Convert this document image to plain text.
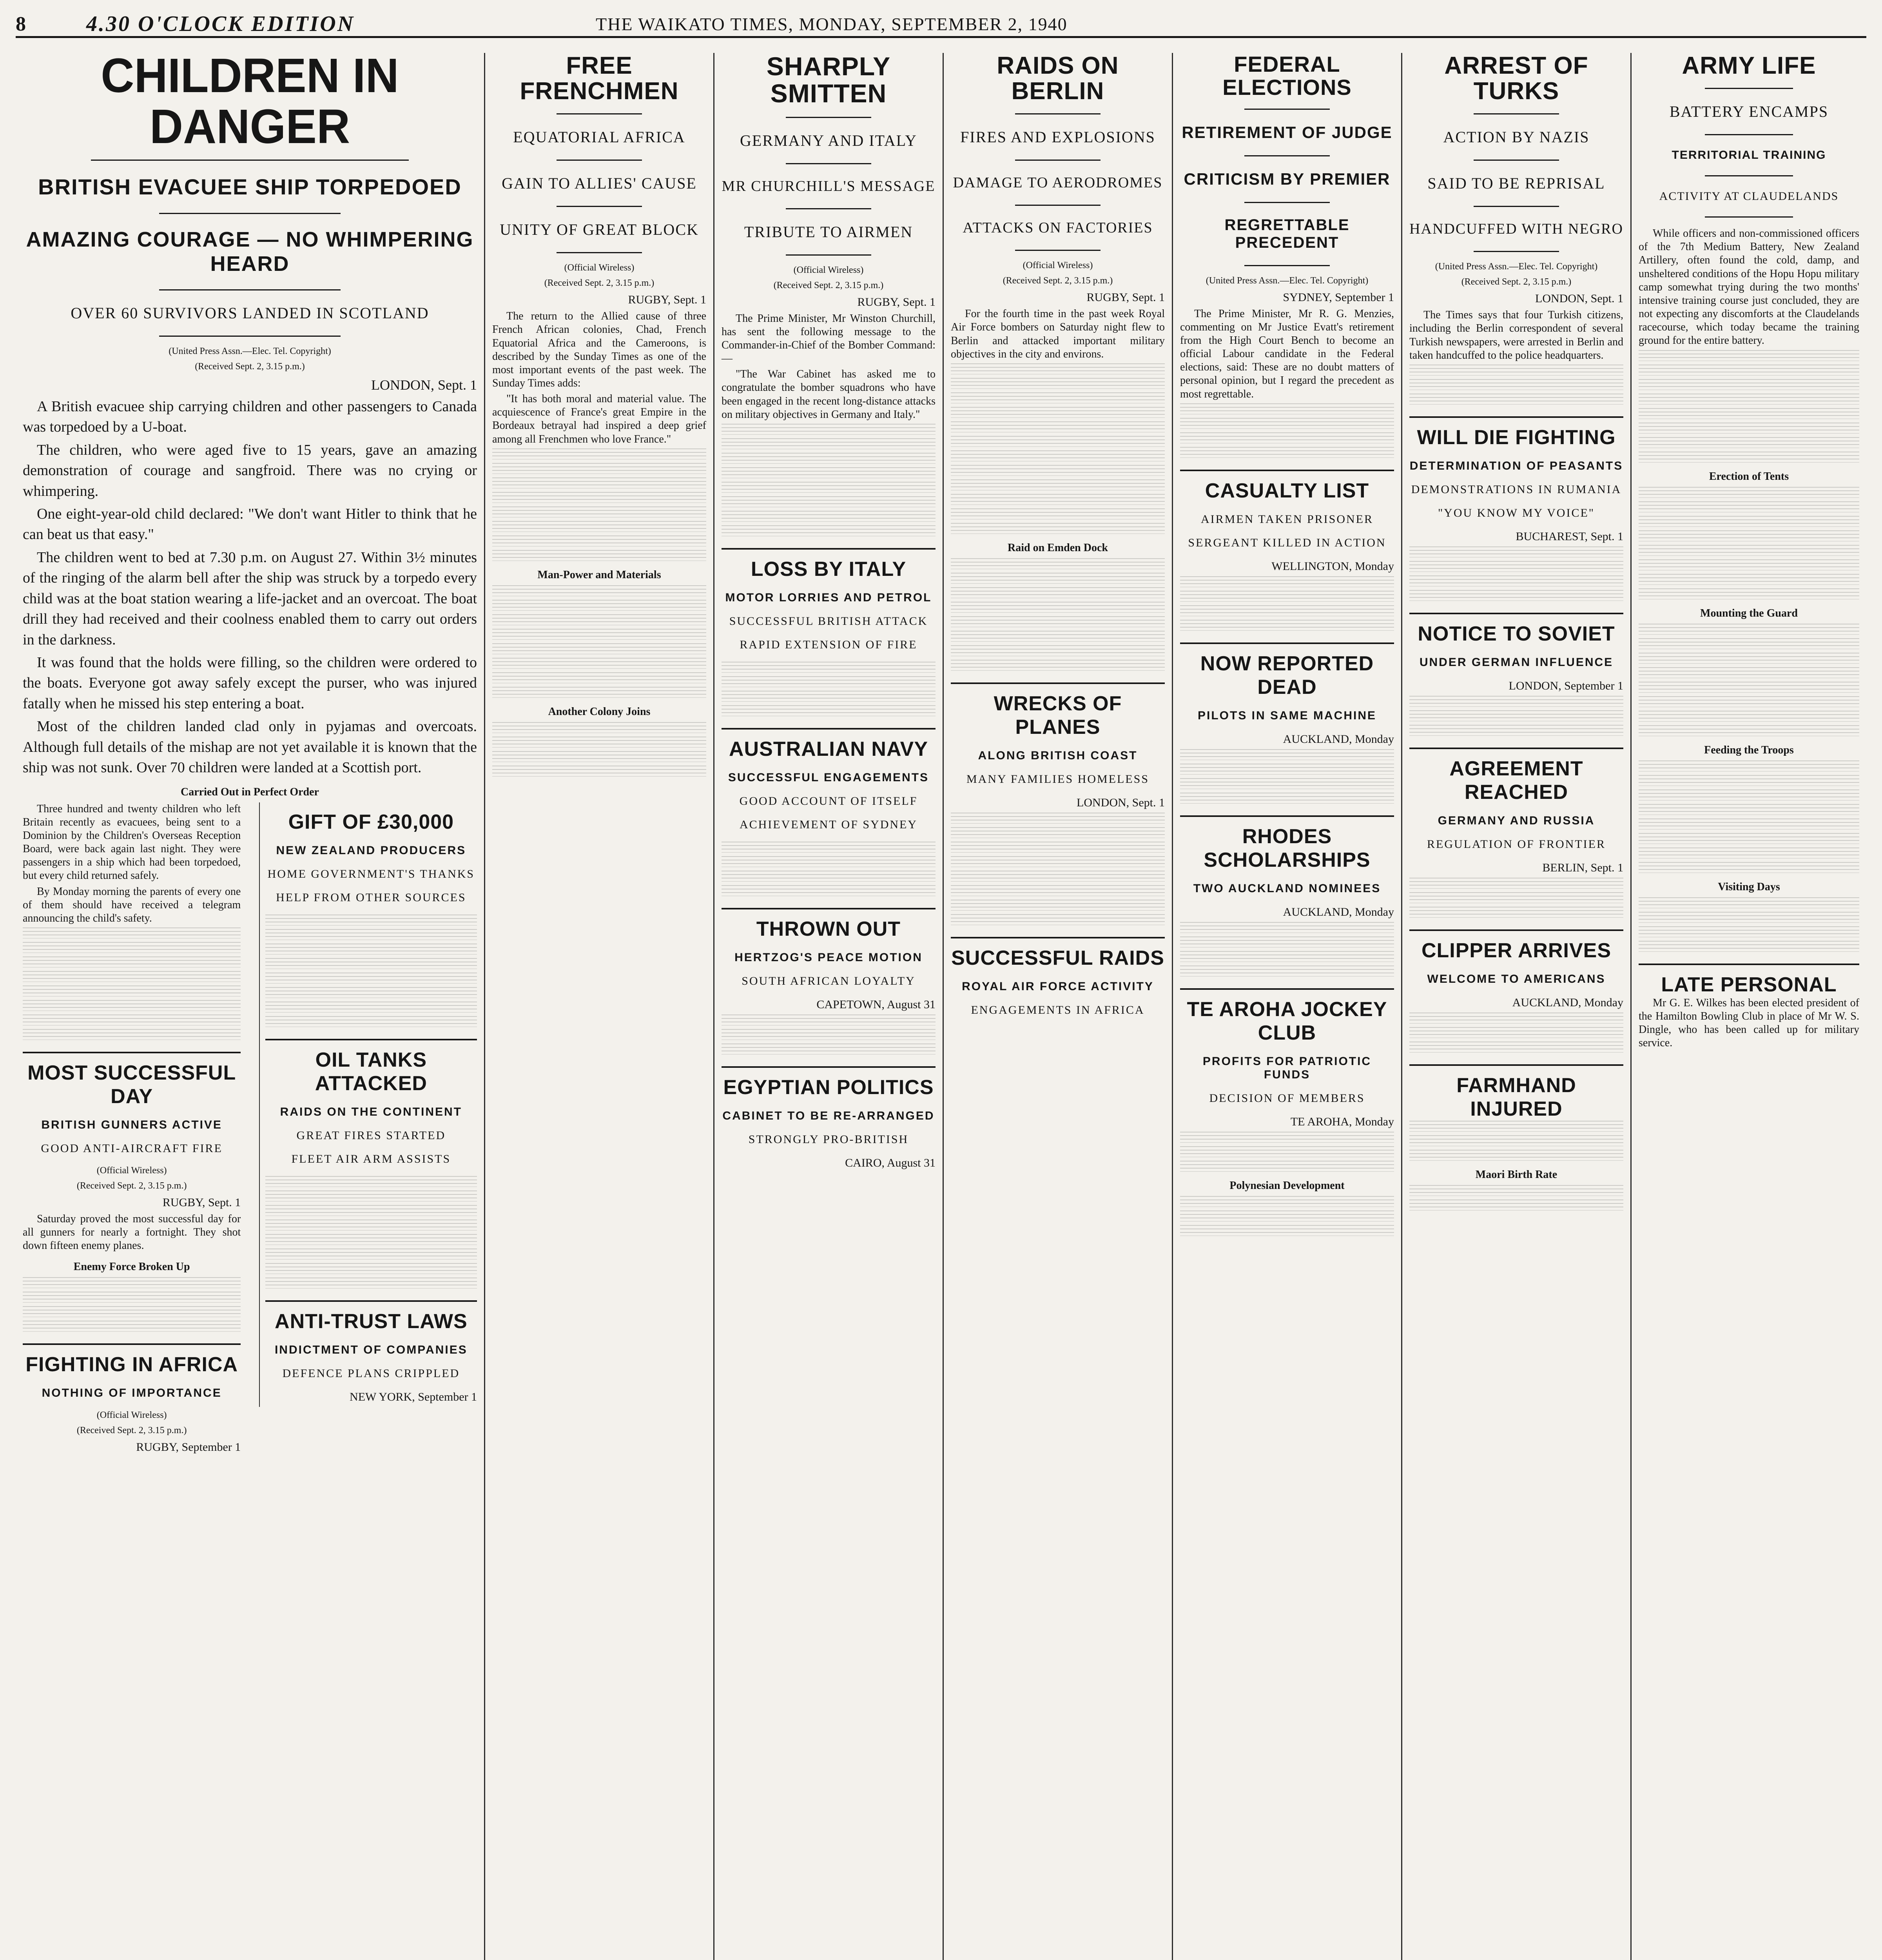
8	4.30 O'CLOCK EDITION	THE WAIKATO TIMES, MONDAY, SEPTEMBER 2, 1940
CHILDREN IN DANGER
BRITISH EVACUEE SHIP TORPEDOED
AMAZING COURAGE — NO WHIMPERING HEARD
OVER 60 SURVIVORS LANDED IN SCOTLAND
(United Press Assn.—Elec. Tel. Copyright)
(Received Sept. 2, 3.15 p.m.)
LONDON, Sept. 1

A British evacuee ship carrying children and other passengers to Canada was torpedoed by a U-boat.

The children, who were aged five to 15 years, gave an amazing demonstration of courage and sangfroid. There was no crying or whimpering.

One eight-year-old child declared: "We don't want Hitler to think that he can beat us that easy."

The children went to bed at 7.30 p.m. on August 27. Within 3½ minutes of the ringing of the alarm bell after the ship was struck by a torpedo every child was at the boat station wearing a life-jacket and an overcoat. The boat drill they had received and their coolness enabled them to carry out orders in the darkness.

It was found that the holds were filling, so the children were ordered to the boats. Everyone got away safely except the purser, who was injured fatally when he missed his step entering a boat.

Most of the children landed clad only in pyjamas and overcoats. Although full details of the mishap are not yet available it is known that the ship was not sunk. Over 70 children were landed at a Scottish port.

Carried Out in Perfect Order

Three hundred and twenty children who left Britain recently as evacuees, being sent to a Dominion by the Children's Overseas Reception Board, were back again last night. They were passengers in a ship which had been torpedoed, but every child returned safely.

By Monday morning the parents of every one of them should have received a telegram announcing the child's safety.

MOST SUCCESSFUL DAY
BRITISH GUNNERS ACTIVE
GOOD ANTI-AIRCRAFT FIRE
(Official Wireless)
(Received Sept. 2, 3.15 p.m.)
RUGBY, Sept. 1

Saturday proved the most successful day for all gunners for nearly a fortnight. They shot down fifteen enemy planes.

Enemy Force Broken Up
FIGHTING IN AFRICA
NOTHING OF IMPORTANCE
(Official Wireless)
(Received Sept. 2, 3.15 p.m.)
RUGBY, September 1
GIFT OF £30,000
NEW ZEALAND PRODUCERS
HOME GOVERNMENT'S THANKS
HELP FROM OTHER SOURCES
OIL TANKS ATTACKED
RAIDS ON THE CONTINENT
GREAT FIRES STARTED
FLEET AIR ARM ASSISTS
ANTI-TRUST LAWS
INDICTMENT OF COMPANIES
DEFENCE PLANS CRIPPLED
NEW YORK, September 1
FREE FRENCHMEN
EQUATORIAL AFRICA
GAIN TO ALLIES' CAUSE
UNITY OF GREAT BLOCK
(Official Wireless)
(Received Sept. 2, 3.15 p.m.)
RUGBY, Sept. 1

The return to the Allied cause of three French African colonies, Chad, French Equatorial Africa and the Cameroons, is described by the Sunday Times as one of the most important events of the past week. The Sunday Times adds:

"It has both moral and material value. The acquiescence of France's great Empire in the Bordeaux betrayal had inspired a deep grief among all Frenchmen who love France."

Man-Power and Materials
Another Colony Joins
SHARPLY SMITTEN
GERMANY AND ITALY
MR CHURCHILL'S MESSAGE
TRIBUTE TO AIRMEN
(Official Wireless)
(Received Sept. 2, 3.15 p.m.)
RUGBY, Sept. 1

The Prime Minister, Mr Winston Churchill, has sent the following message to the Commander-in-Chief of the Bomber Command:—

"The War Cabinet has asked me to congratulate the bomber squadrons who have been engaged in the recent long-distance attacks on military objectives in Germany and Italy."

LOSS BY ITALY
MOTOR LORRIES AND PETROL
SUCCESSFUL BRITISH ATTACK
RAPID EXTENSION OF FIRE
AUSTRALIAN NAVY
SUCCESSFUL ENGAGEMENTS
GOOD ACCOUNT OF ITSELF
ACHIEVEMENT OF SYDNEY
THROWN OUT
HERTZOG'S PEACE MOTION
SOUTH AFRICAN LOYALTY
CAPETOWN, August 31
EGYPTIAN POLITICS
CABINET TO BE RE-ARRANGED
STRONGLY PRO-BRITISH
CAIRO, August 31
RAIDS ON BERLIN
FIRES AND EXPLOSIONS
DAMAGE TO AERODROMES
ATTACKS ON FACTORIES
(Official Wireless)
(Received Sept. 2, 3.15 p.m.)
RUGBY, Sept. 1

For the fourth time in the past week Royal Air Force bombers on Saturday night flew to Berlin and attacked important military objectives in the city and environs.

Raid on Emden Dock
WRECKS OF PLANES
ALONG BRITISH COAST
MANY FAMILIES HOMELESS
LONDON, Sept. 1
SUCCESSFUL RAIDS
ROYAL AIR FORCE ACTIVITY
ENGAGEMENTS IN AFRICA
FEDERAL ELECTIONS
RETIREMENT OF JUDGE
CRITICISM BY PREMIER
REGRETTABLE PRECEDENT
(United Press Assn.—Elec. Tel. Copyright)
SYDNEY, September 1

The Prime Minister, Mr R. G. Menzies, commenting on Mr Justice Evatt's retirement from the High Court Bench to become an official Labour candidate in the Federal elections, said: These are no doubt matters of personal opinion, but I regard the precedent as most regrettable.

CASUALTY LIST
AIRMEN TAKEN PRISONER
SERGEANT KILLED IN ACTION
WELLINGTON, Monday
NOW REPORTED DEAD
PILOTS IN SAME MACHINE
AUCKLAND, Monday
RHODES SCHOLARSHIPS
TWO AUCKLAND NOMINEES
AUCKLAND, Monday
TE AROHA JOCKEY CLUB
PROFITS FOR PATRIOTIC FUNDS
DECISION OF MEMBERS
TE AROHA, Monday
Polynesian Development
ARREST OF TURKS
ACTION BY NAZIS
SAID TO BE REPRISAL
HANDCUFFED WITH NEGRO
(United Press Assn.—Elec. Tel. Copyright)
(Received Sept. 2, 3.15 p.m.)
LONDON, Sept. 1

The Times says that four Turkish citizens, including the Berlin correspondent of several Turkish newspapers, were arrested in Berlin and taken handcuffed to the police headquarters.

WILL DIE FIGHTING
DETERMINATION OF PEASANTS
DEMONSTRATIONS IN RUMANIA
"YOU KNOW MY VOICE"
BUCHAREST, Sept. 1
NOTICE TO SOVIET
UNDER GERMAN INFLUENCE
LONDON, September 1
AGREEMENT REACHED
GERMANY AND RUSSIA
REGULATION OF FRONTIER
BERLIN, Sept. 1
CLIPPER ARRIVES
WELCOME TO AMERICANS
AUCKLAND, Monday
FARMHAND INJURED
Maori Birth Rate
ARMY LIFE
BATTERY ENCAMPS
TERRITORIAL TRAINING
ACTIVITY AT CLAUDELANDS

While officers and non-commissioned officers of the 7th Medium Battery, New Zealand Artillery, often found the cold, damp, and unsheltered conditions of the Hopu Hopu military camp somewhat trying during the two months' intensive training course just concluded, they are not expecting any discomforts at the Claudelands racecourse, which today became the training ground for the entire battery.

Erection of Tents
Mounting the Guard
Feeding the Troops
Visiting Days
LATE PERSONAL

Mr G. E. Wilkes has been elected president of the Hamilton Bowling Club in place of Mr W. S. Dingle, who has been called up for military service.
